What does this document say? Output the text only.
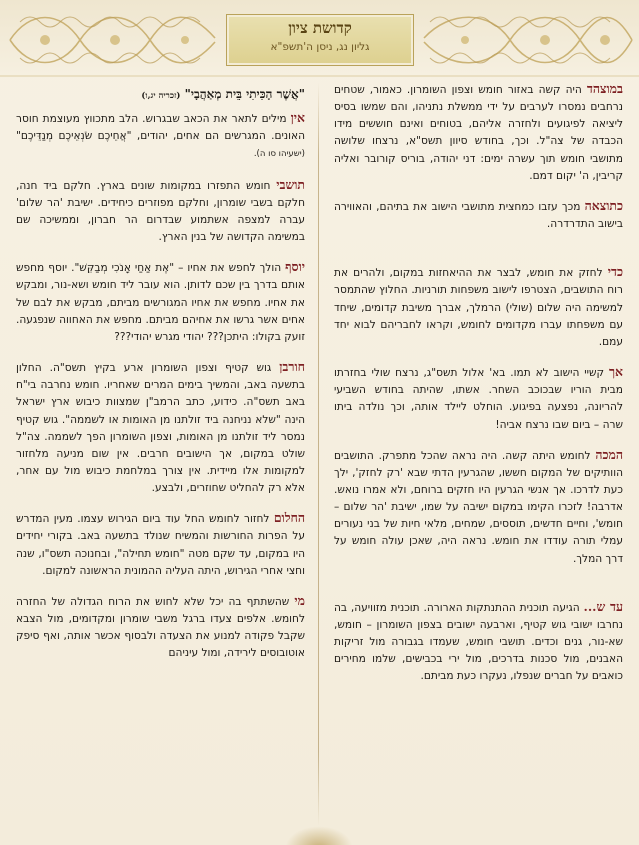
קדושת ציון
גליון נג, ניסן ה'תשפ"א

במוצהד היה קשה באזור חומש וצפון השומרון. כאמור, שטחים נרחבים נמסרו לערבים על ידי ממשלת נתניהו, והם שמשו בסיס ליציאה לפיגועים ולחזרה אליהם, בטוחים ואינם חוששים מידו הכבדה של צה"ל. וכך, בחודש סיוון תשס"א, נרצחו שלושה מתושבי חומש תוך עשרה ימים: דני יהודה, בוריס קורובר ואליה קריבין, ה' יקום דמם.

כתוצאה מכך עזבו כמחצית מתושבי הישוב את בתיהם, והאווירה בישוב התדרדרה.

כדי לחזק את חומש, לבצר את ההיאחזות במקום, ולהרים את רוח התושבים, הצטרפו לישוב משפחות תורניות. החלוץ שהתמסר למשימה היה שלום (שולי) הרמלך, אברך משיבת קדומים, שיחד עם משפחתו עברו מקדומים לחומש, וקראו לחבריהם לבוא יחד עמם.

אך קשיי הישוב לא תמו. בא' אלול תשס"ג, נרצח שולי בחזרתו מבית הוריו שבכוכב השחר. אשתו, שהיתה בחודש השביעי להריונה, נפצעה בפיגוע. הוחלט ליילד אותה, וכך נולדה ביתו שרה – ביום שבו נרצח אביה!

המכה לחומש היתה קשה. היה נראה שהכל מתפרק. התושבים הוותיקים של המקום חששו, שהגרעין הדתי שבא 'רק לחזק', ילך כעת לדרכו. אך אנשי הגרעין היו חזקים ברוחם, ולא אמרו נואש. אדרבה! לזכרו הקימו במקום ישיבה על שמו, ישיבת 'הר שלום – חומש', וחיים חדשים, תוססים, שמחים, מלאי חיות של בני נעורים עמלי תורה עודדו את חומש. נראה היה, שאכן עולה חומש על דרך המלך.

עד ש... הגיעה תוכנית ההתנתקות הארורה. תוכנית מזוויעה, בה נחרבו ישובי גוש קטיף, וארבעה ישובים בצפון השומרון – חומש, שא-נור, גנים וכדים. תושבי חומש, שעמדו בגבורה מול זריקות האבנים, מול סכנות בדרכים, מול ירי בכבישים, שלמו מחירים כואבים על חברים שנפלו, נעקרו כעת מביתם.

"אֲשֶׁר הָכִּיתִי בֵּית מְאַהֲבָי" (זכריה יג,ו)

אין מילים לתאר את הכאב שבגרוש. הלב מתכווץ מעוצמת חוסר האונים. המגרשים הם אחים, יהודים, "אֲחֵיכֶם שֹׂנְאֵיכֶם מְנַדֵּיכֶם" (ישעיהו סו ה).

תושבי חומש התפזרו במקומות שונים בארץ. חלקם ביד חנה, חלקם בשבי שומרון, וחלקם מפוזרים כיחידים. ישיבת 'הר שלום' עברה למצפה אשתמוע שבדרום הר חברון, וממשיכה שם במשימה הקדושה של בנין הארץ.

יוסף הולך לחפש את אחיו – "אֶת אַחַי אָנֹכִי מְבַקֵּשׁ". יוסף מחפש אותם בדרך בין שכם לדותן. הוא עובר ליד חומש ושא-נור, ומבקש את אחיו. מחפש את אחיו המגורשים מביתם, מבקש את לבם של אחים אשר גרשו את אחיהם מביתם. מחפש את האחווה שנפגעה. זועק בקולו: היתכן??? יהודי מגרש יהודי???

חורבן גוש קטיף וצפון השומרון ארע בקיץ תשס"ה. החלון בתשעה באב, והמשיך בימים המרים שאחריו. חומש נחרבה בי"ח באב תשס"ה. כידוע, כתב הרמב"ן שמצוות כיבוש ארץ ישראל הינה "שלא נניחנה ביד זולתנו מן האומות או לשממה". גוש קטיף נמסר ליד זולתנו מן האומות, וצפון השומרון הפך לשממה. צה"ל שולט במקום, אך הישובים חרבים. אין שום מניעה מלחזור למקומות אלו מיידית. אין צורך במלחמת כיבוש מול עם אחר, אלא רק להחליט שחוזרים, ולבצע.

החלום לחזור לחומש החל עוד ביום הגירוש עצמו. מעין המדרש על הפרות החורשות והמשיח שנולד בתשעה באב. בקורי יחידים היו במקום, עד שקם מטה "חומש תחילה", ובחנוכה תשס"ו, שנה וחצי אחרי הגירוש, היתה העליה ההמונית הראשונה למקום.

מי שהשתתף בה יכל שלא לחוש את הרוח הגדולה של החזרה לחומש. אלפים צעדו ברגל משבי שומרון ומקדומים, מול הצבא שקבל פקודה למנוע את הצעדה ולבסוף אכשר אותה, ואף סיפק אוטובוסים לירידה, ומול עיניהם
